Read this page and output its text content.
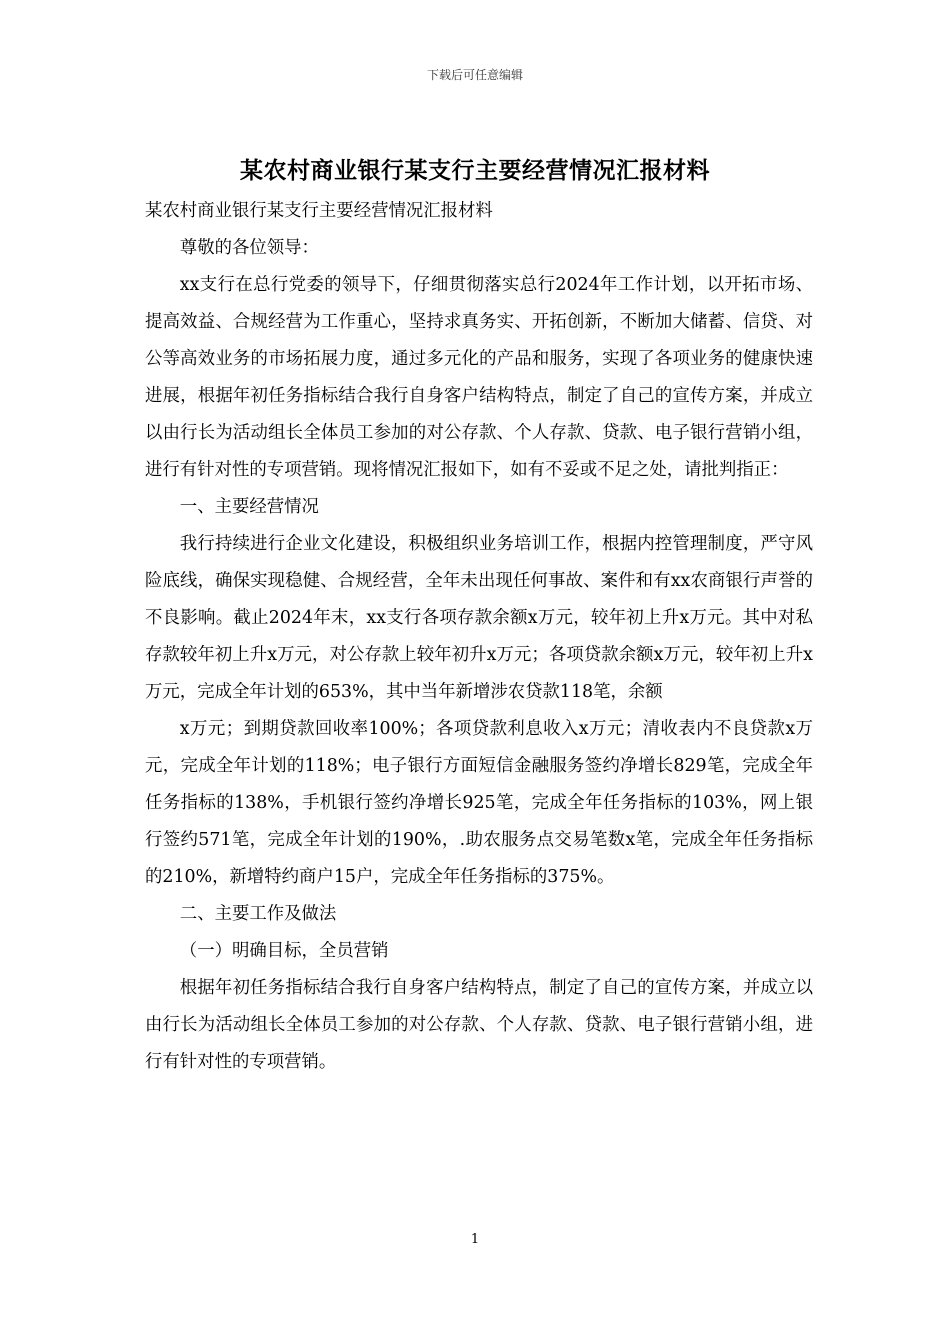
下载后可任意编辑
某农村商业银行某支行主要经营情况汇报材料

某农村商业银行某支行主要经营情况汇报材料

尊敬的各位领导：

xx支行在总行党委的领导下，仔细贯彻落实总行2024年工作计划，以开拓市场、提高效益、合规经营为工作重心，坚持求真务实、开拓创新，不断加大储蓄、信贷、对公等高效业务的市场拓展力度，通过多元化的产品和服务，实现了各项业务的健康快速进展，根据年初任务指标结合我行自身客户结构特点，制定了自己的宣传方案，并成立以由行长为活动组长全体员工参加的对公存款、个人存款、贷款、电子银行营销小组，进行有针对性的专项营销。现将情况汇报如下，如有不妥或不足之处，请批判指正：

一、主要经营情况

我行持续进行企业文化建设，积极组织业务培训工作，根据内控管理制度，严守风险底线，确保实现稳健、合规经营，全年未出现任何事故、案件和有xx农商银行声誉的不良影响。截止2024年末，xx支行各项存款余额x万元，较年初上升x万元。其中对私存款较年初上升x万元，对公存款上较年初升x万元；各项贷款余额x万元，较年初上升x万元，完成全年计划的653%，其中当年新增涉农贷款118笔，余额

x万元；到期贷款回收率100%；各项贷款利息收入x万元；清收表内不良贷款x万元，完成全年计划的118%；电子银行方面短信金融服务签约净增长829笔，完成全年任务指标的138%，手机银行签约净增长925笔，完成全年任务指标的103%，网上银行签约571笔，完成全年计划的190%，.助农服务点交易笔数x笔，完成全年任务指标的210%，新增特约商户15户，完成全年任务指标的375%。

二、主要工作及做法

（一）明确目标，全员营销

根据年初任务指标结合我行自身客户结构特点，制定了自己的宣传方案，并成立以由行长为活动组长全体员工参加的对公存款、个人存款、贷款、电子银行营销小组，进行有针对性的专项营销。

1
